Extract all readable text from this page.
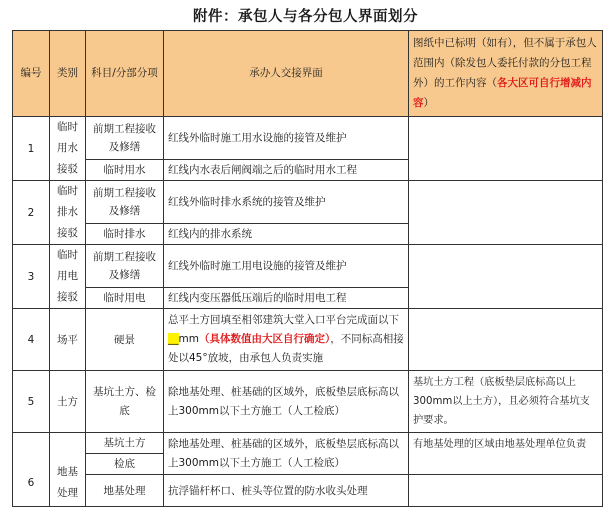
附件：承包人与各分包人界面划分
编号	类别	科目/分部分项	承办人交接界面	图纸中已标明（如有），但不属于承包人范围内（除发包人委托付款的分包工程外）的工作内容（各大区可自行增减内容）
1	临时用水接驳	前期工程接收及修缮	红线外临时施工用水设施的接管及维护	
		临时用水	红线内水表后闸阀端之后的临时用水工程	
2	临时排水接驳	前期工程接收及修缮	红线外临时排水系统的接管及维护	
		临时排水	红线内的排水系统	
3	临时用电接驳	前期工程接收及修缮	红线外临时施工用电设施的接管及维护	
		临时用电	红线内变压器低压端后的临时用电工程	
4	场平	硬景	总平土方回填至相邻建筑大堂入口平台完成面以下__mm（具体数值由大区自行确定），不同标高相接处以45°放坡，由承包人负责实施	
5	土方	基坑土方、检底	除地基处理、桩基础的区域外，底板垫层底标高以上300mm以下土方施工（人工检底）	基坑土方工程（底板垫层底标高以上300mm以上土方），且必须符合基坑支护要求。
6	地基处理	基坑土方	除地基处理、桩基础的区域外，底板垫层底标高以上300mm以下土方施工（人工检底）	有地基处理的区域由地基处理单位负责
		检底		
		地基处理	抗浮锚杆杯口、桩头等位置的防水收头处理	
